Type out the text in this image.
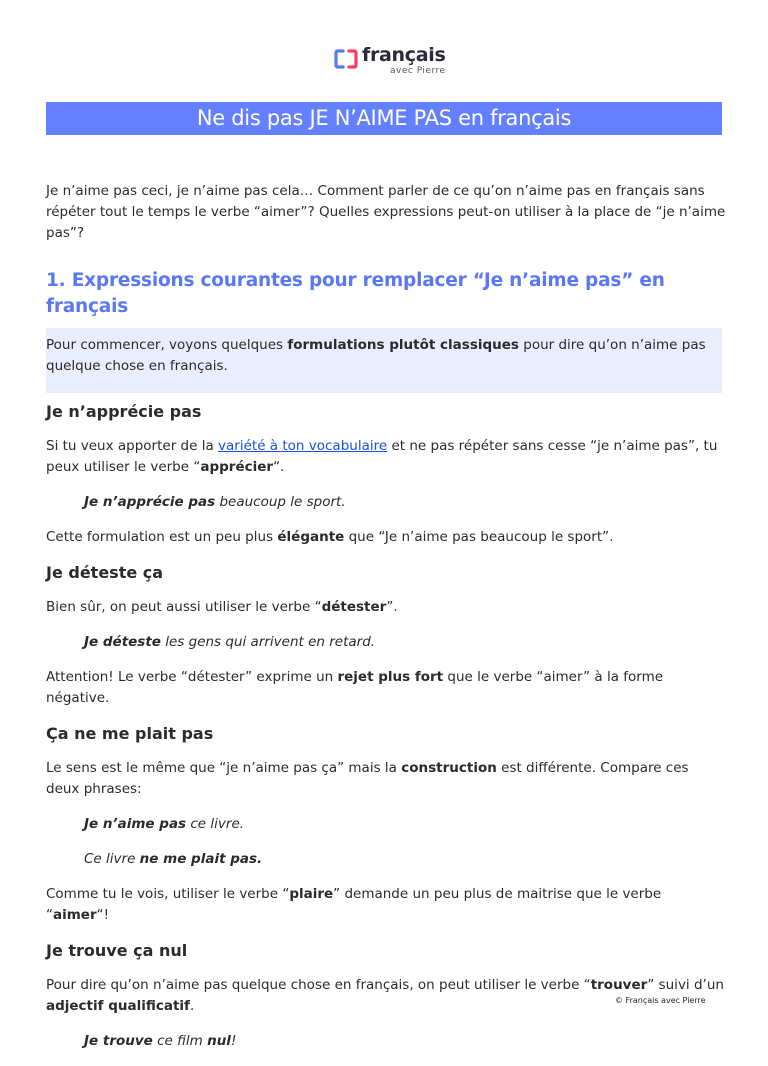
français
avec Pierre
Ne dis pas JE N’AIME PAS en français

Je n’aime pas ceci, je n’aime pas cela… Comment parler de ce qu’on n’aime pas en français sans répéter tout le temps le verbe “aimer”? Quelles expressions peut-on utiliser à la place de “je n’aime pas”?

1. Expressions courantes pour remplacer “Je n’aime pas” en français

Pour commencer, voyons quelques formulations plutôt classiques pour dire qu’on n’aime pas quelque chose en français.

Je n’apprécie pas

Si tu veux apporter de la variété à ton vocabulaire et ne pas répéter sans cesse “je n’aime pas”, tu peux utiliser le verbe “apprécier“.

Je n’apprécie pas beaucoup le sport.

Cette formulation est un peu plus élégante que “Je n’aime pas beaucoup le sport”.

Je déteste ça

Bien sûr, on peut aussi utiliser le verbe “détester”.

Je déteste les gens qui arrivent en retard.

Attention! Le verbe “détester” exprime un rejet plus fort que le verbe “aimer” à la forme négative.

Ça ne me plait pas

Le sens est le même que “je n’aime pas ça” mais la construction est différente. Compare ces deux phrases:

Je n’aime pas ce livre.

Ce livre ne me plait pas.

Comme tu le vois, utiliser le verbe “plaire” demande un peu plus de maitrise que le verbe “aimer“!

Je trouve ça nul

Pour dire qu’on n’aime pas quelque chose en français, on peut utiliser le verbe “trouver” suivi d’un adjectif qualificatif.

Je trouve ce film nul!

© Français avec Pierre
